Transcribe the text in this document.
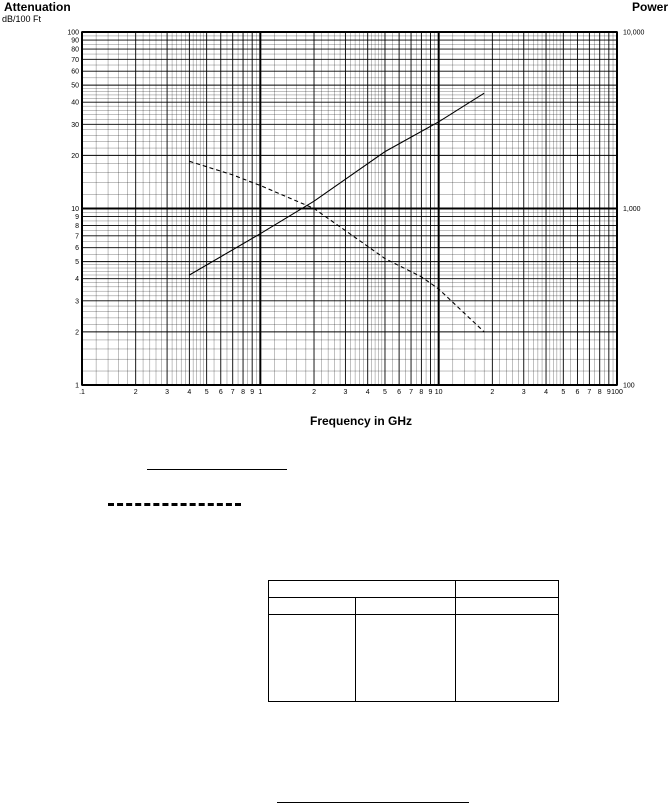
.1	2	3	4 5 6 7 8 9 1	2	3	4 5 6 7 8 9 10	2	3	4 5 6 7 8 9 100
1
2
3
4
5
6
7
8
9
10
20
30
40
50
60
70
80
90
100
100
1,000
10,000
Attenuation
dB/100 Ft
Power
Frequency in GHz
